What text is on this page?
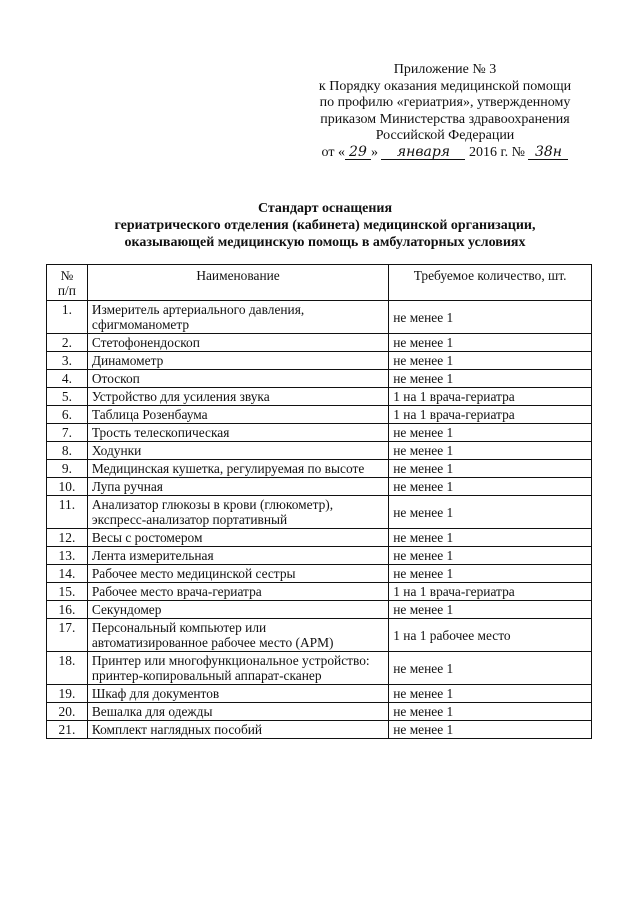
Приложение № 3
к Порядку оказания медицинской помощи
по профилю «гериатрия», утвержденному
приказом Министерства здравоохранения
Российской Федерации
от « 29 » января 2016 г. № 38н
Стандарт оснащения
гериатрического отделения (кабинета) медицинской организации,
оказывающей медицинскую помощь в амбулаторных условиях
№
п/п	Наименование	Требуемое количество, шт.
1.	Измеритель артериального давления, сфигмоманометр	не менее 1
2.	Стетофонендоскоп	не менее 1
3.	Динамометр	не менее 1
4.	Отоскоп	не менее 1
5.	Устройство для усиления звука	1 на 1 врача-гериатра
6.	Таблица Розенбаума	1 на 1 врача-гериатра
7.	Трость телескопическая	не менее 1
8.	Ходунки	не менее 1
9.	Медицинская кушетка, регулируемая по высоте	не менее 1
10.	Лупа ручная	не менее 1
11.	Анализатор глюкозы в крови (глюкометр), экспресс-анализатор портативный	не менее 1
12.	Весы с ростомером	не менее 1
13.	Лента измерительная	не менее 1
14.	Рабочее место медицинской сестры	не менее 1
15.	Рабочее место врача-гериатра	1 на 1 врача-гериатра
16.	Секундомер	не менее 1
17.	Персональный компьютер или автоматизированное рабочее место (АРМ)	1 на 1 рабочее место
18.	Принтер или многофункциональное устройство: принтер-копировальный аппарат-сканер	не менее 1
19.	Шкаф для документов	не менее 1
20.	Вешалка для одежды	не менее 1
21.	Комплект наглядных пособий	не менее 1
